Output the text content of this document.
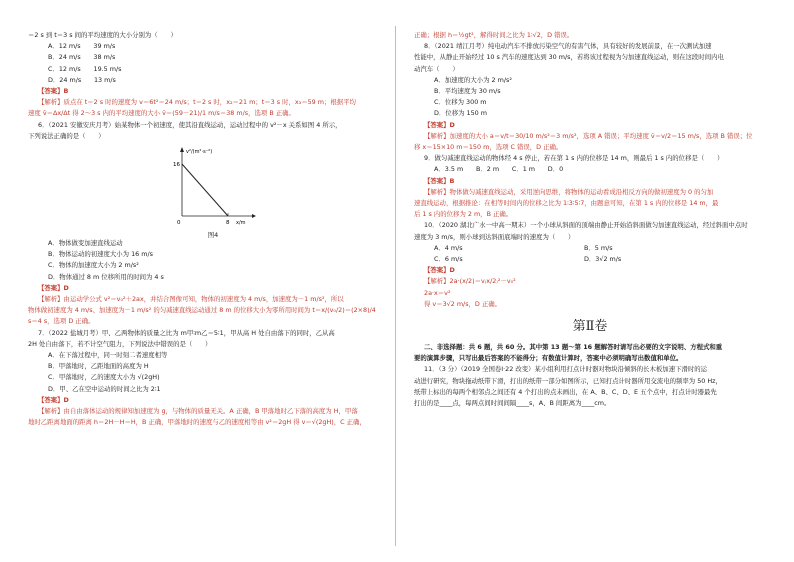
＝2 s 到 t＝3 s 间的平均速度的大小分别为（　　）
A．12 m/s　　39 m/s
B．24 m/s　　38 m/s
C．12 m/s　　19.5 m/s
D．24 m/s　　13 m/s
【答案】B
【解析】质点在 t＝2 s 时的速度为 v＝6t²＝24 m/s；t＝2 s 时，x₂＝21 m；t＝3 s 时，x₃＝59 m；根据平均
速度 v̄＝Δx/Δt 得 2～3 s 内的平均速度的大小 v̄＝(59－21)/1 m/s＝38 m/s，选项 B 正确。
6．（2021 安徽安庆月考）始某物体一个初速度，使其沿直线运动，运动过程中的 v²－x 关系如图 4 所示，
下列说法正确的是（　　）
v²/(m²·s⁻²)
16
0	8 x/m
图4
A．物体做变加速直线运动
B．物体运动的初速度大小为 16 m/s
C．物体的加速度大小为 2 m/s²
D．物体通过 8 m 位移所用的时间为 4 s
【答案】D
【解析】由运动学公式 v²＝v₀²＋2ax，并结合图像可知，物体的初速度为 4 m/s，加速度为－1 m/s²，所以
物体做初速度为 4 m/s、加速度为－1 m/s² 的匀减速直线运动通过 8 m 的位移大小为零所用时间为 t＝x/(v₀/2)＝(2×8)/4
s＝4 s，选项 D 正确。
7．（2022 盐城月考）甲、乙两物体的质量之比为 m甲∶m乙＝5∶1，甲从高 H 处自由落下的同时，乙从高
2H 处自由落下，若不计空气阻力，下列说法中错误的是（　　）
A．在下落过程中，同一时刻二者速度相等
B．甲落地时，乙距地面的高度为 H
C．甲落地时，乙的速度大小为 √(2gH)
D．甲、乙在空中运动的时间之比为 2∶1
【答案】D
【解析】由自由落体运动的规律知加速度为 g，与物体的质量无关。A 正确，B 甲落地时乙下落的高度为 H，甲落
地时乙距离地面的距离 h＝2H－H＝H，B 正确，甲落地时的速度与乙的速度相等由 v²＝2gH 得 v＝√(2gH)，C 正确，
正确；根据 h＝½gt²，解得时间之比为 1∶√2，D 错误。
8．（2021 靖江月考）纯电动汽车不排放污染空气的有害气体，具有较好的发展前景，在一次测试加速
性能中，从静止开始经过 10 s 汽车的速度达到 30 m/s，若将该过程视为匀加速直线运动，则在这段时间内电
动汽车（　　）
A．加速度的大小为 2 m/s²
B．平均速度为 30 m/s
C．位移为 300 m
D．位移为 150 m
【答案】D
【解析】加速度的大小 a＝v/t＝30/10 m/s²＝3 m/s²，选项 A 错误；平均速度 v̄＝v/2＝15 m/s，选项 B 错误；位
移 x＝15×10 m＝150 m，选项 C 错误，D 正确。
9．做匀减速直线运动的物体经 4 s 停止，若在第 1 s 内的位移是 14 m，则最后 1 s 内的位移是（　　）
A．3.5 m　　B．2 m　　C．1 m　　D．0
【答案】B
【解析】物体做匀减速直线运动，采用逆向思维，将物体的运动看成沿相反方向的做初速度为 0 的匀加
速直线运动，根据推论：在相等时间内的位移之比为 1∶3∶5∶7，由题意可知，在第 1 s 内的位移是 14 m，最
后 1 s 内的位移为 2 m，B 正确。
10．（2020 湖北广水一中高一期末）一个小球从斜面的顶端由静止开始沿斜面做匀加速直线运动，经过斜面中点时
速度为 3 m/s，则小球到达斜面底端时的速度为（　　）
A．4 m/s	B．5 m/s
C．6 m/s	D．3√2 m/s
【答案】D
【解析】2a·(x/2)＝v₍x/2₎²－v₀²
2a·x＝v²
得 v＝3√2 m/s，D 正确。
第Ⅱ卷
二、非选择题：共 6 题，共 60 分。其中第 13 题～第 16 题解答时请写出必要的文字说明、方程式和重
要的演算步骤，只写出最后答案的不能得分；有数值计算时，答案中必须明确写出数值和单位。
11．（3 分）（2019 全国卷Ⅰ·22 改变）某小组利用打点计时器对物块沿倾斜的长木板加速下滑时的运
动进行研究，物块拖动纸带下滑，打出的纸带一部分如图所示，已知打点计时器所用交流电的频率为 50 Hz，
纸带上标出的每两个相邻点之间还有 4 个打出的点未画出，在 A、B、C、D、E 五个点中，打点计时器最先
打出的是____点，每两点间时间间隔____s，A、B 间距离为____cm。
